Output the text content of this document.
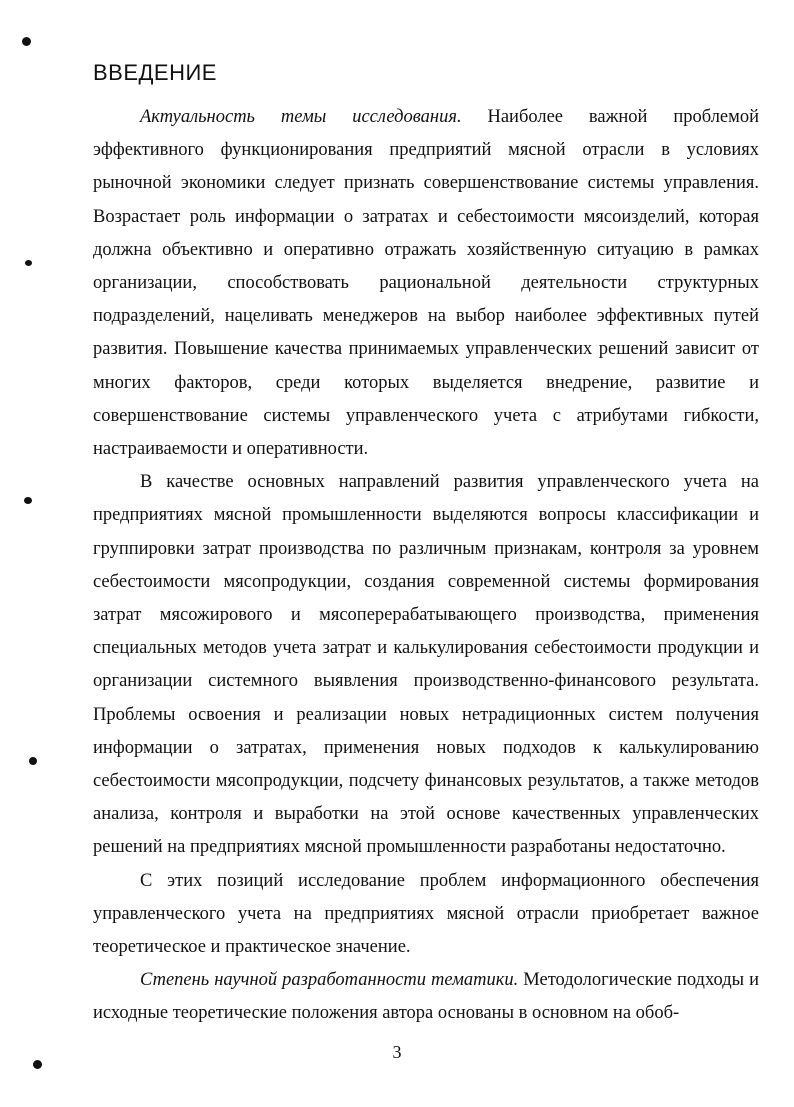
ВВЕДЕНИЕ

Актуальность темы исследования. Наиболее важной проблемой эффективного функционирования предприятий мясной отрасли в условиях рыночной экономики следует признать совершенствование системы управления. Возрастает роль информации о затратах и себестоимости мясоизделий, которая должна объективно и оперативно отражать хозяйственную ситуацию в рамках организации, способствовать рациональной деятельности структурных подразделений, нацеливать менеджеров на выбор наиболее эффективных путей развития. Повышение качества принимаемых управленческих решений зависит от многих факторов, среди которых выделяется внедрение, развитие и совершенствование системы управленческого учета с атрибутами гибкости, настраиваемости и оперативности.

В качестве основных направлений развития управленческого учета на предприятиях мясной промышленности выделяются вопросы классификации и группировки затрат производства по различным признакам, контроля за уровнем себестоимости мясопродукции, создания современной системы формирования затрат мясожирового и мясоперерабатывающего производства, применения специальных методов учета затрат и калькулирования себестоимости продукции и организации системного выявления производственно-финансового результата. Проблемы освоения и реализации новых нетрадиционных систем получения информации о затратах, применения новых подходов к калькулированию себестоимости мясопродукции, подсчету финансовых результатов, а также методов анализа, контроля и выработки на этой основе качественных управленческих решений на предприятиях мясной промышленности разработаны недостаточно.

С этих позиций исследование проблем информационного обеспечения управленческого учета на предприятиях мясной отрасли приобретает важное теоретическое и практическое значение.

Степень научной разработанности тематики. Методологические подходы и исходные теоретические положения автора основаны в основном на обоб-

3
